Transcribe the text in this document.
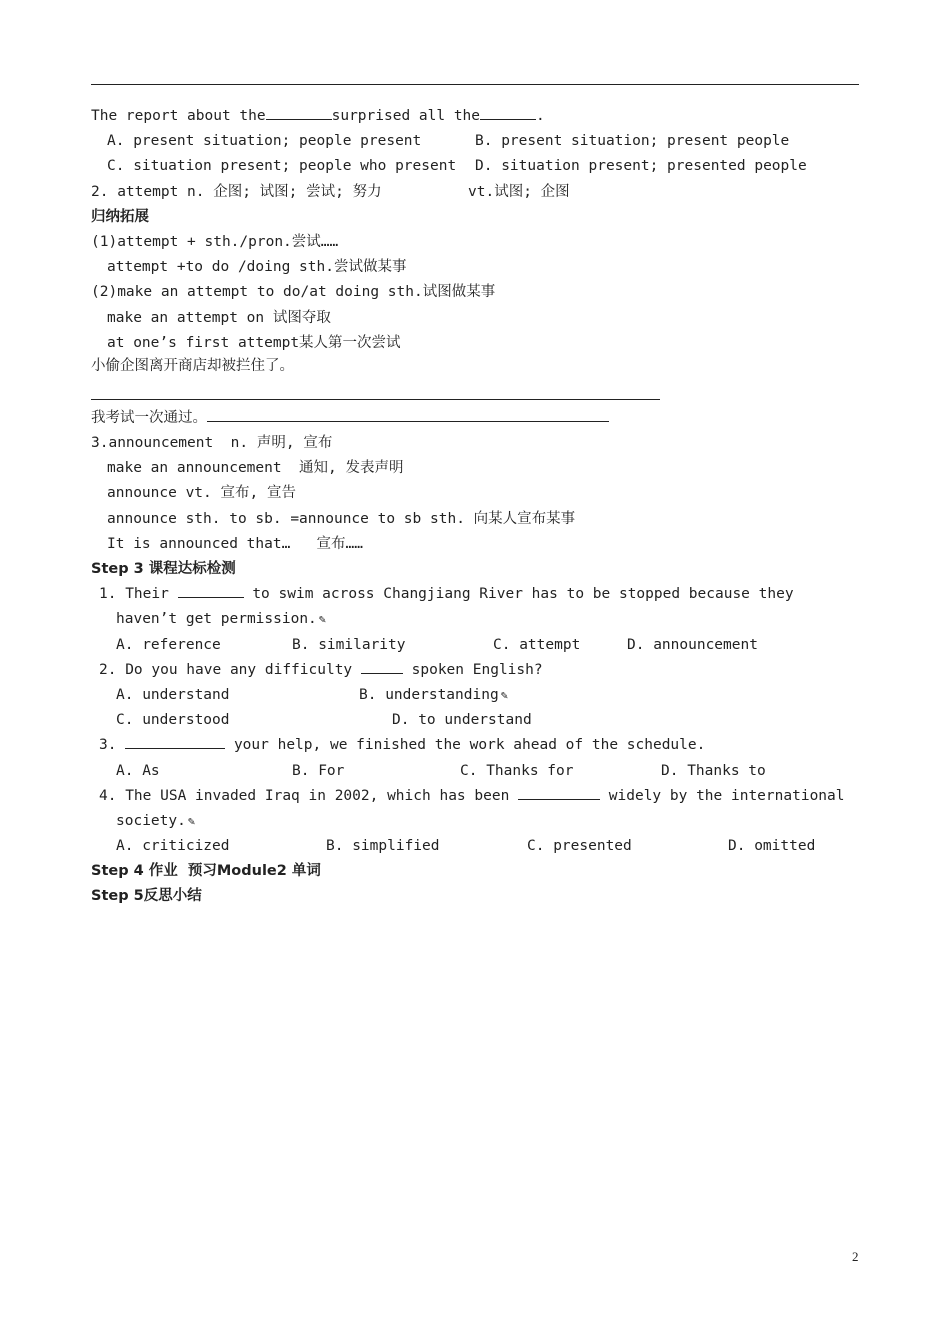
The report about the	surprised all the	.
A. present situation; people present	B. present situation; present people
C. situation present; people who present D. situation present; presented people
2. attempt n. 企图; 试图; 尝试; 努力	vt.试图; 企图
归纳拓展
(1)attempt + sth./pron.尝试……
attempt +to do /doing sth.尝试做某事
(2)make an attempt to do/at doing sth.试图做某事
make an attempt on 试图夺取
at one’s first attempt某人第一次尝试
小偷企图离开商店却被拦住了。
我考试一次通过。
3.announcement  n. 声明, 宣布
make an announcement  通知, 发表声明
announce vt. 宣布, 宣告
announce sth. to sb. =announce to sb sth. 向某人宣布某事
It is announced that…   宣布……
Step 3 课程达标检测
1. Their	to swim across Changjiang River has to be stopped because they
haven’t get permission. ✎
A. reference	B. similarity	C. attempt	D. announcement
2. Do you have any difficulty	spoken English?
A. understand	B. understanding ✎
C. understood	D. to understand
3.	your help, we finished the work ahead of the schedule.
A. As	B. For	C. Thanks for	D. Thanks to
4. The USA invaded Iraq in 2002, which has been	widely by the international
society. ✎
A. criticized	B. simplified	C. presented	D. omitted
Step 4 作业  预习Module2 单词
Step 5反思小结
2
